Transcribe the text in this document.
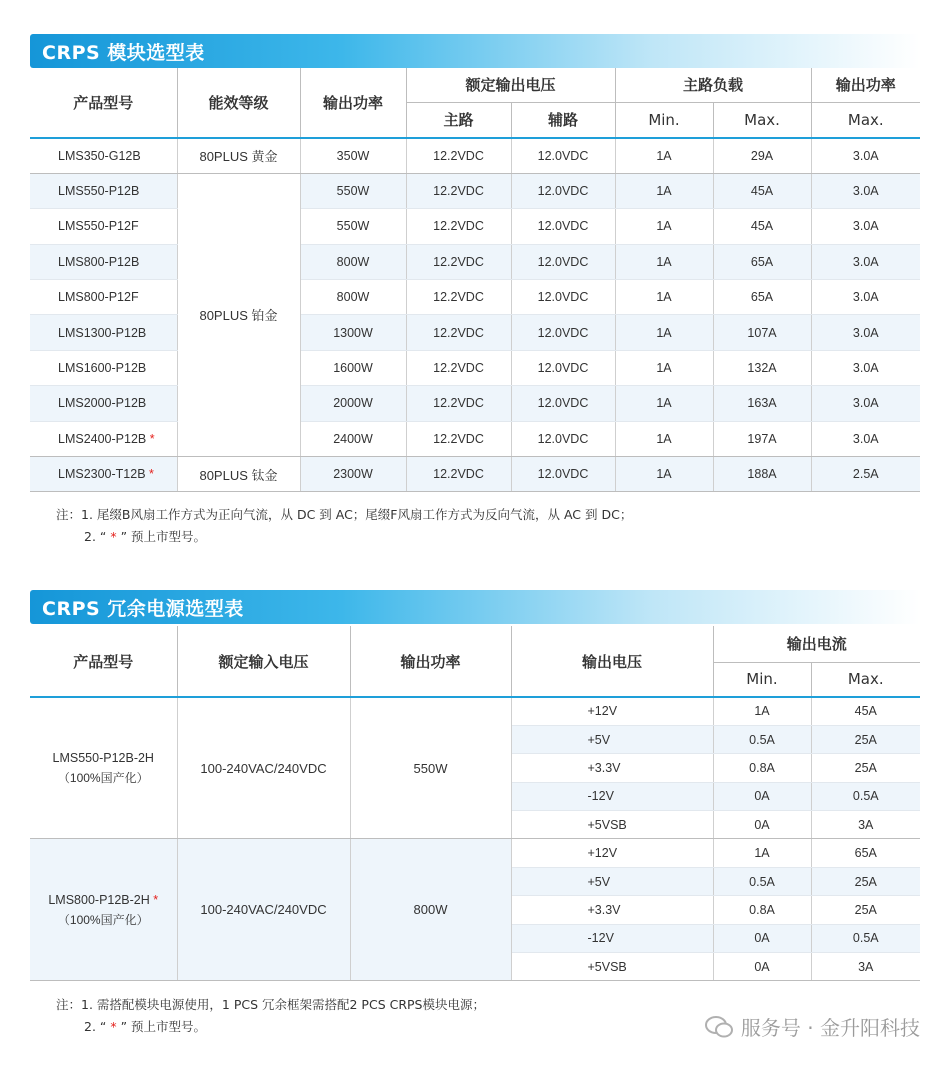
CRPS 模块选型表
产品型号	能效等级	输出功率	额定输出电压		主路负载		输出功率
			主路	辅路	Min.	Max.	Max.
LMS350-G12B	80PLUS 黄金	350W	12.2VDC	12.0VDC	1A	29A	3.0A
LMS550-P12B	80PLUS 铂金	550W	12.2VDC	12.0VDC	1A	45A	3.0A
LMS550-P12F		550W	12.2VDC	12.0VDC	1A	45A	3.0A
LMS800-P12B		800W	12.2VDC	12.0VDC	1A	65A	3.0A
LMS800-P12F		800W	12.2VDC	12.0VDC	1A	65A	3.0A
LMS1300-P12B		1300W	12.2VDC	12.0VDC	1A	107A	3.0A
LMS1600-P12B		1600W	12.2VDC	12.0VDC	1A	132A	3.0A
LMS2000-P12B		2000W	12.2VDC	12.0VDC	1A	163A	3.0A
LMS2400-P12B *		2400W	12.2VDC	12.0VDC	1A	197A	3.0A
LMS2300-T12B *	80PLUS 钛金	2300W	12.2VDC	12.0VDC	1A	188A	2.5A
注：1. 尾缀B风扇工作方式为正向气流，从 DC 到 AC；尾缀F风扇工作方式为反向气流，从 AC 到 DC；
2. “ * ” 预上市型号。
CRPS 冗余电源选型表
产品型号	额定输入电压	输出功率	输出电压	输出电流	
				Min.	Max.

LMS550-P12B-2H
（100%国产化）	100-240VAC/240VDC	550W	+12V	1A	45A
			+5V	0.5A	25A
			+3.3V	0.8A	25A
			-12V	0A	0.5A
			+5VSB	0A	3A

LMS800-P12B-2H *
（100%国产化）	100-240VAC/240VDC	800W	+12V	1A	65A
			+5V	0.5A	25A
			+3.3V	0.8A	25A
			-12V	0A	0.5A
			+5VSB	0A	3A
注：1. 需搭配模块电源使用，1 PCS 冗余框架需搭配2 PCS CRPS模块电源；
2. “ * ” 预上市型号。	服务号 · 金升阳科技
